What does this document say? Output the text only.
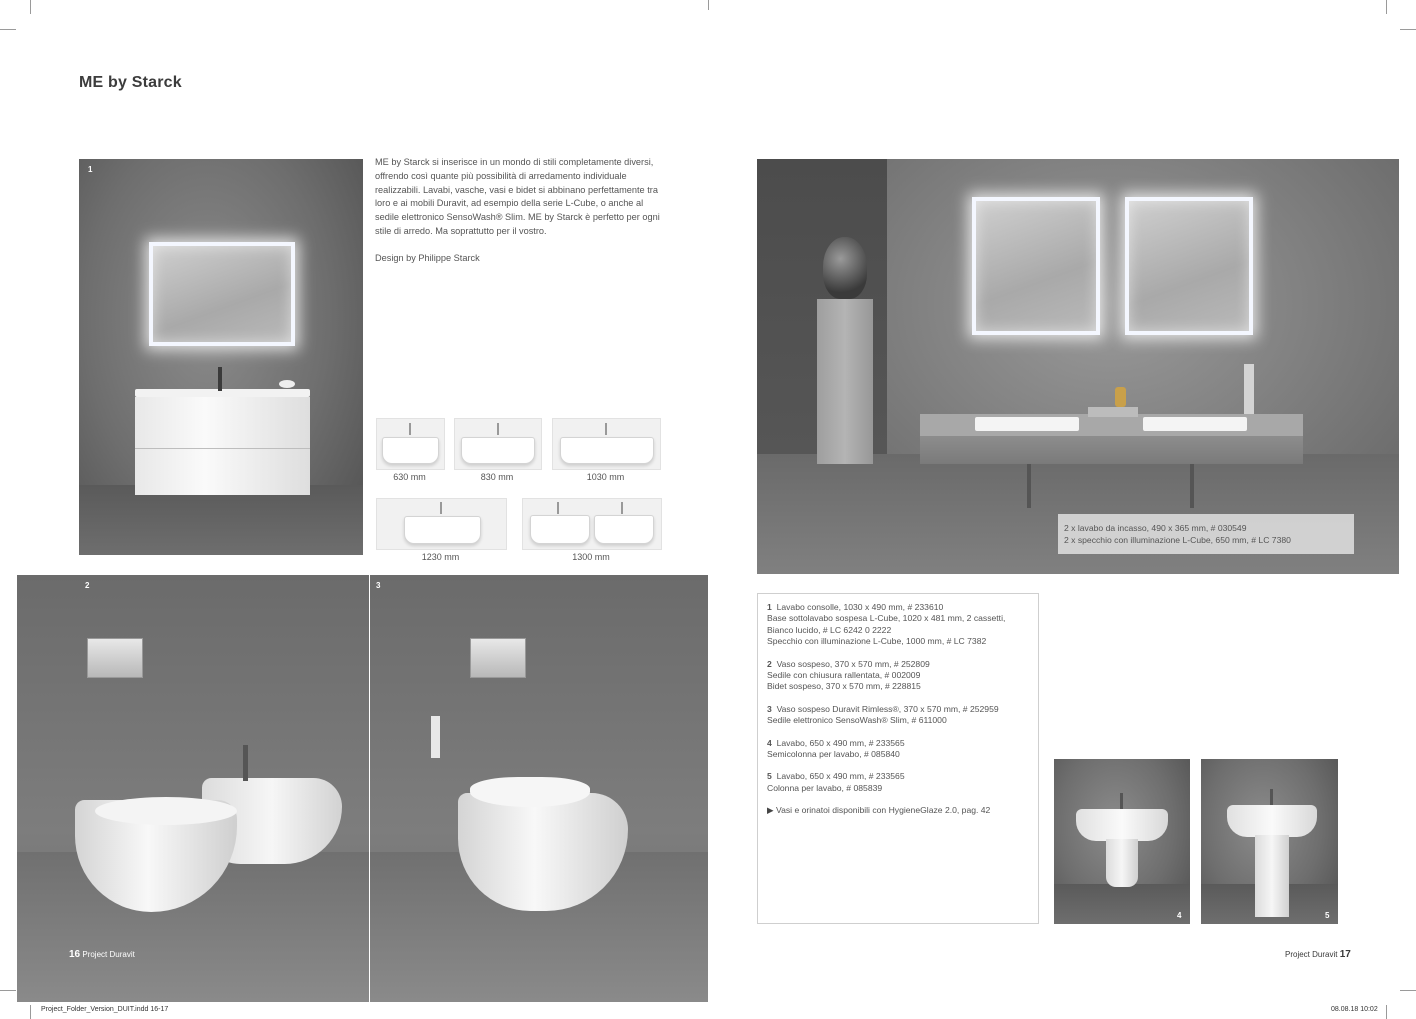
ME by Starck

ME by Starck si inserisce in un mondo di stili completamente diversi, offrendo così quante più possibilità di arredamento individuale realizzabili. Lavabi, vasche, vasi e bidet si abbinano perfettamente tra loro e ai mobili Duravit, ad esempio della serie L-Cube, o anche al sedile elettronico SensoWash® Slim. ME by Starck è perfetto per ogni stile di arredo. Ma soprattutto per il vostro.

Design by Philippe Starck

1
630 mm	830 mm	1030 mm
1230 mm	1300 mm
2 x lavabo da incasso, 490 x 365 mm, # 030549
2 x specchio con illuminazione L-Cube, 650 mm, # LC 7380
2
16 Project Duravit
3
1 Lavabo consolle, 1030 x 490 mm, # 233610
Base sottolavabo sospesa L-Cube, 1020 x 481 mm, 2 cassetti,
Bianco lucido, # LC 6242 0 2222
Specchio con illuminazione L-Cube, 1000 mm, # LC 7382
2 Vaso sospeso, 370 x 570 mm, # 252809
Sedile con chiusura rallentata, # 002009
Bidet sospeso, 370 x 570 mm, # 228815
3 Vaso sospeso Duravit Rimless®, 370 x 570 mm, # 252959
Sedile elettronico SensoWash® Slim, # 611000
4 Lavabo, 650 x 490 mm, # 233565
Semicolonna per lavabo, # 085840
5 Lavabo, 650 x 490 mm, # 233565
Colonna per lavabo, # 085839
▶ Vasi e orinatoi disponibili con HygieneGlaze 2.0, pag. 42
4	5
Project Duravit 17
Project_Folder_Version_DUIT.indd 16-17	08.08.18 10:02
